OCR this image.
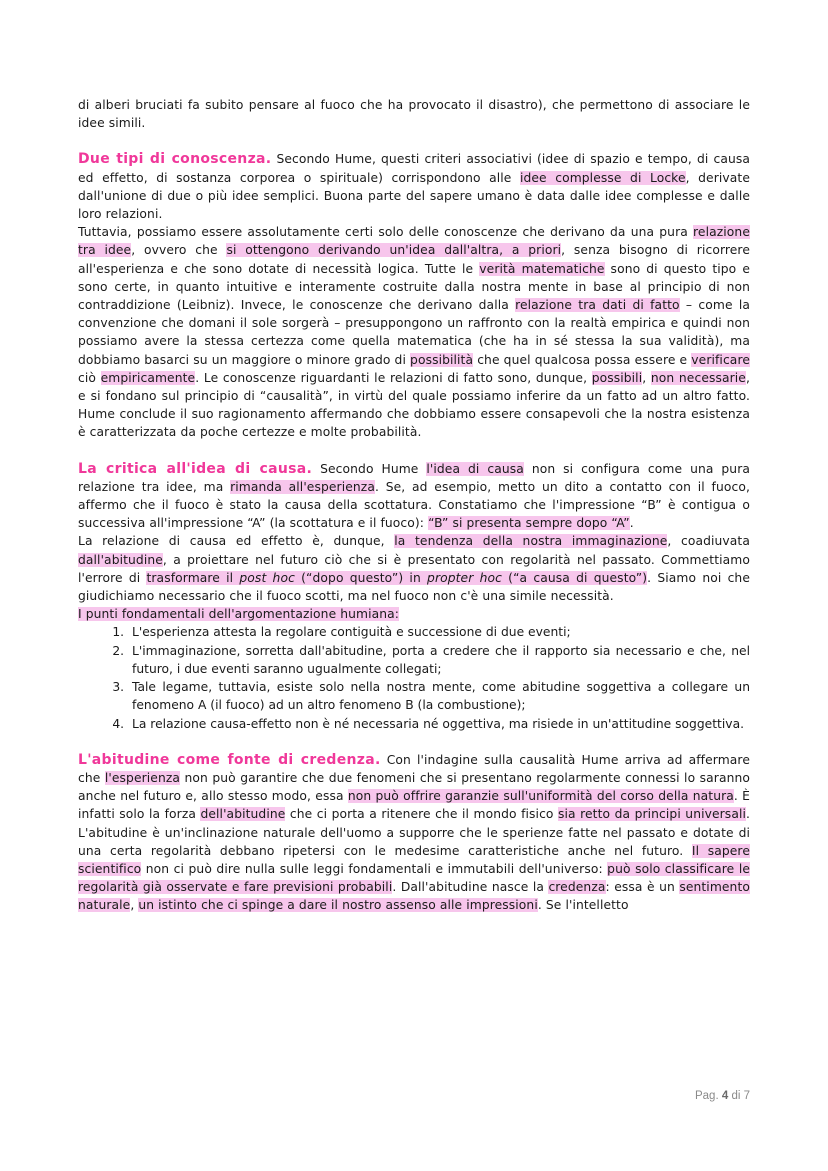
di alberi bruciati fa subito pensare al fuoco che ha provocato il disastro), che permettono di associare le idee simili.

Due tipi di conoscenza. Secondo Hume, questi criteri associativi (idee di spazio e tempo, di causa ed effetto, di sostanza corporea o spirituale) corrispondono alle idee complesse di Locke, derivate dall'unione di due o più idee semplici. Buona parte del sapere umano è data dalle idee complesse e dalle loro relazioni.

Tuttavia, possiamo essere assolutamente certi solo delle conoscenze che derivano da una pura relazione tra idee, ovvero che si ottengono derivando un'idea dall'altra, a priori, senza bisogno di ricorrere all'esperienza e che sono dotate di necessità logica. Tutte le verità matematiche sono di questo tipo e sono certe, in quanto intuitive e interamente costruite dalla nostra mente in base al principio di non contraddizione (Leibniz). Invece, le conoscenze che derivano dalla relazione tra dati di fatto – come la convenzione che domani il sole sorgerà – presuppongono un raffronto con la realtà empirica e quindi non possiamo avere la stessa certezza come quella matematica (che ha in sé stessa la sua validità), ma dobbiamo basarci su un maggiore o minore grado di possibilità che quel qualcosa possa essere e verificare ciò empiricamente. Le conoscenze riguardanti le relazioni di fatto sono, dunque, possibili, non necessarie, e si fondano sul principio di “causalità”, in virtù del quale possiamo inferire da un fatto ad un altro fatto. Hume conclude il suo ragionamento affermando che dobbiamo essere consapevoli che la nostra esistenza è caratterizzata da poche certezze e molte probabilità.

La critica all'idea di causa. Secondo Hume l'idea di causa non si configura come una pura relazione tra idee, ma rimanda all'esperienza. Se, ad esempio, metto un dito a contatto con il fuoco, affermo che il fuoco è stato la causa della scottatura. Constatiamo che l'impressione “B” è contigua o successiva all'impressione “A” (la scottatura e il fuoco): “B” si presenta sempre dopo “A”.

La relazione di causa ed effetto è, dunque, la tendenza della nostra immaginazione, coadiuvata dall'abitudine, a proiettare nel futuro ciò che si è presentato con regolarità nel passato. Commettiamo l'errore di trasformare il post hoc (“dopo questo”) in propter hoc (“a causa di questo”). Siamo noi che giudichiamo necessario che il fuoco scotti, ma nel fuoco non c'è una simile necessità.

I punti fondamentali dell'argomentazione humiana:

1. L'esperienza attesta la regolare contiguità e successione di due eventi;
2. L'immaginazione, sorretta dall'abitudine, porta a credere che il rapporto sia necessario e che, nel futuro, i due eventi saranno ugualmente collegati;
3. Tale legame, tuttavia, esiste solo nella nostra mente, come abitudine soggettiva a collegare un fenomeno A (il fuoco) ad un altro fenomeno B (la combustione);
4. La relazione causa-effetto non è né necessaria né oggettiva, ma risiede in un'attitudine soggettiva.

L'abitudine come fonte di credenza. Con l'indagine sulla causalità Hume arriva ad affermare che l'esperienza non può garantire che due fenomeni che si presentano regolarmente connessi lo saranno anche nel futuro e, allo stesso modo, essa non può offrire garanzie sull'uniformità del corso della natura. È infatti solo la forza dell'abitudine che ci porta a ritenere che il mondo fisico sia retto da principi universali. L'abitudine è un'inclinazione naturale dell'uomo a supporre che le sperienze fatte nel passato e dotate di una certa regolarità debbano ripetersi con le medesime caratteristiche anche nel futuro. Il sapere scientifico non ci può dire nulla sulle leggi fondamentali e immutabili dell'universo: può solo classificare le regolarità già osservate e fare previsioni probabili. Dall'abitudine nasce la credenza: essa è un sentimento naturale, un istinto che ci spinge a dare il nostro assenso alle impressioni. Se l'intelletto

Pag. 4 di 7
